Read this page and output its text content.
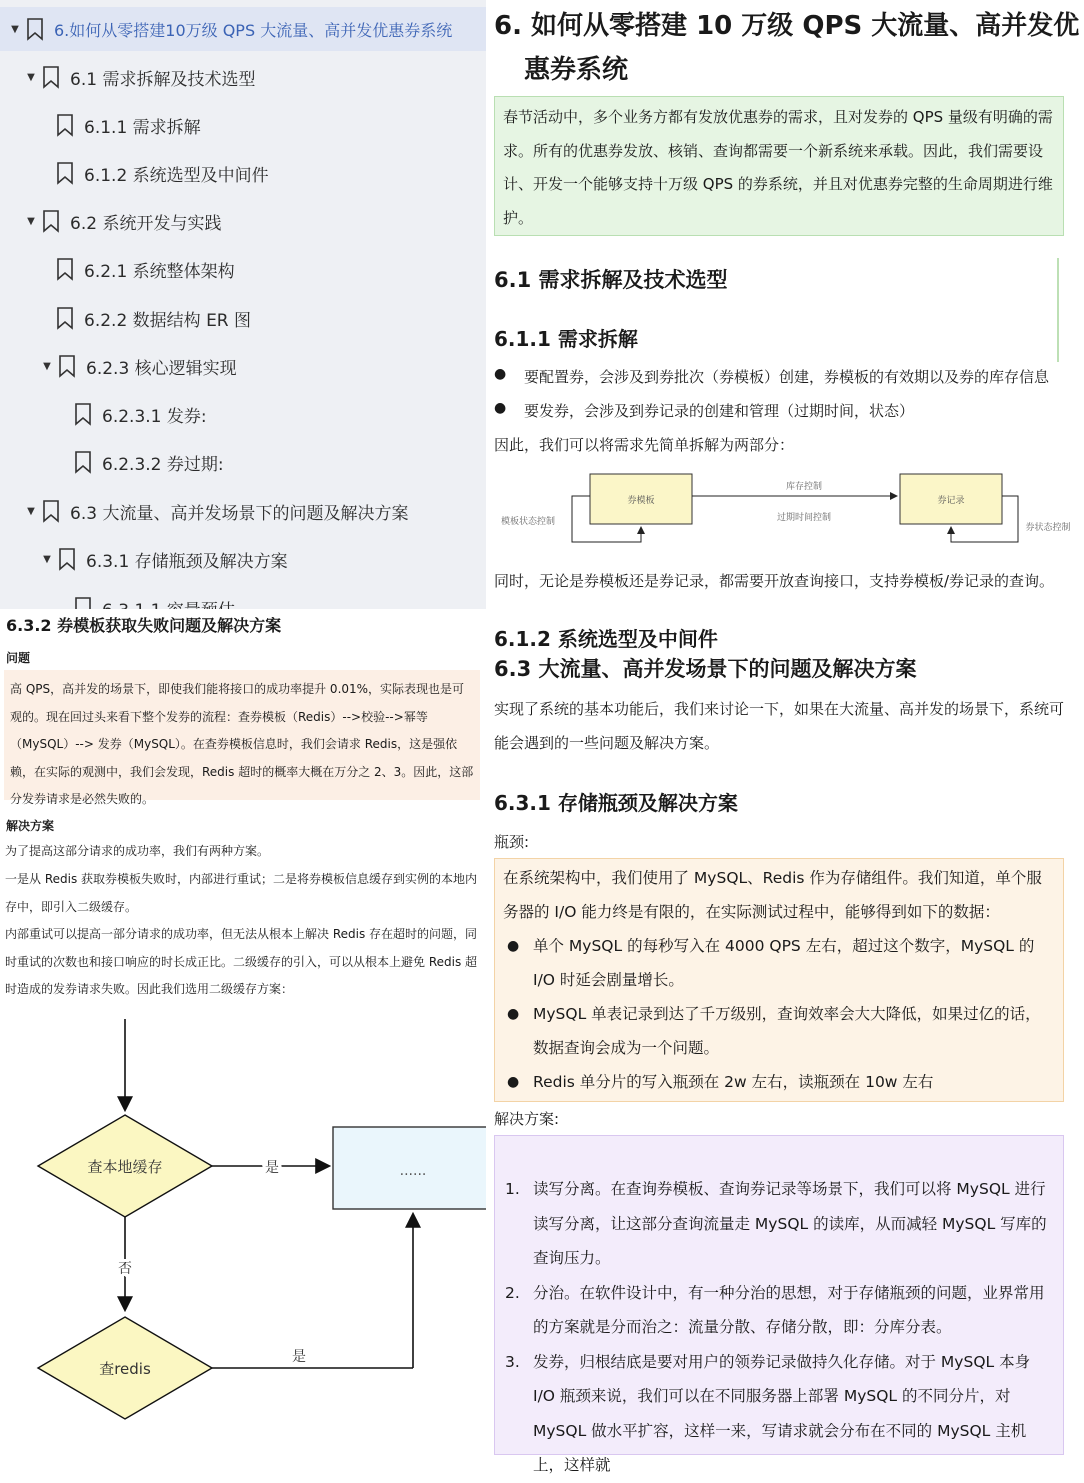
▼ 6.如何从零搭建10万级 QPS 大流量、高并发优惠券系统
▼ 6.1 需求拆解及技术选型
6.1.1 需求拆解
6.1.2 系统选型及中间件
▼ 6.2 系统开发与实践
6.2.1 系统整体架构
6.2.2 数据结构 ER 图
▼ 6.2.3 核心逻辑实现
6.2.3.1 发券:
6.2.3.2 券过期:
▼ 6.3 大流量、高并发场景下的问题及解决方案
▼ 6.3.1 存储瓶颈及解决方案
6.3.2 券模板获取失败问题及解决方案
问题
高 QPS，高并发的场景下，即使我们能将接口的成功率提升 0.01%，实际表现也是可观的。现在回过头来看下整个发券的流程：查券模板（Redis）-->校验-->幂等（MySQL）--> 发券（MySQL）。在查券模板信息时，我们会请求 Redis，这是强依赖，在实际的观测中，我们会发现，Redis 超时的概率大概在万分之 2、3。因此，这部分发券请求是必然失败的。
解决方案
为了提高这部分请求的成功率，我们有两种方案。
一是从 Redis 获取券模板失败时，内部进行重试；二是将券模板信息缓存到实例的本地内存中，即引入二级缓存。
内部重试可以提高一部分请求的成功率，但无法从根本上解决 Redis 存在超时的问题，同时重试的次数也和接口响应的时长成正比。二级缓存的引入，可以从根本上避免 Redis 超时造成的发券请求失败。因此我们选用二级缓存方案：
查本地缓存	是	......
否
查redis
是
6. 如何从零搭建 10 万级 QPS 大流量、高并发优
惠券系统
春节活动中，多个业务方都有发放优惠券的需求，且对发券的 QPS 量级有明确的需求。所有的优惠券发放、核销、查询都需要一个新系统来承载。因此，我们需要设计、开发一个能够支持十万级 QPS 的券系统，并且对优惠券完整的生命周期进行维护。
6.1 需求拆解及技术选型
6.1.1 需求拆解
●	要配置券，会涉及到券批次（券模板）创建，券模板的有效期以及券的库存信息
●	要发券，会涉及到券记录的创建和管理（过期时间，状态）
因此，我们可以将需求先简单拆解为两部分：
券模板	券记录
库存控制
过期时间控制
模板状态控制
券状态控制
同时，无论是券模板还是券记录，都需要开放查询接口，支持券模板/券记录的查询。
6.1.2 系统选型及中间件
6.3 大流量、高并发场景下的问题及解决方案
实现了系统的基本功能后，我们来讨论一下，如果在大流量、高并发的场景下，系统可
能会遇到的一些问题及解决方案。
6.3.1 存储瓶颈及解决方案
瓶颈:
在系统架构中，我们使用了 MySQL、Redis 作为存储组件。我们知道，单个服务器的 I/O 能力终是有限的，在实际测试过程中，能够得到如下的数据：
● 单个 MySQL 的每秒写入在 4000 QPS 左右，超过这个数字，MySQL 的 I/O 时延会剧量增长。
● MySQL 单表记录到达了千万级别，查询效率会大大降低，如果过亿的话，数据查询会成为一个问题。
● Redis 单分片的写入瓶颈在 2w 左右，读瓶颈在 10w 左右
解决方案:
1. 读写分离。在查询券模板、查询券记录等场景下，我们可以将 MySQL 进行读写分离，让这部分查询流量走 MySQL 的读库，从而减轻 MySQL 写库的查询压力。
2. 分治。在软件设计中，有一种分治的思想，对于存储瓶颈的问题，业界常用的方案就是分而治之：流量分散、存储分散，即：分库分表。
3. 发券，归根结底是要对用户的领券记录做持久化存储。对于 MySQL 本身 I/O 瓶颈来说，我们可以在不同服务器上部署 MySQL 的不同分片，对 MySQL 做水平扩容，这样一来，写请求就会分布在不同的 MySQL 主机上，这样就
